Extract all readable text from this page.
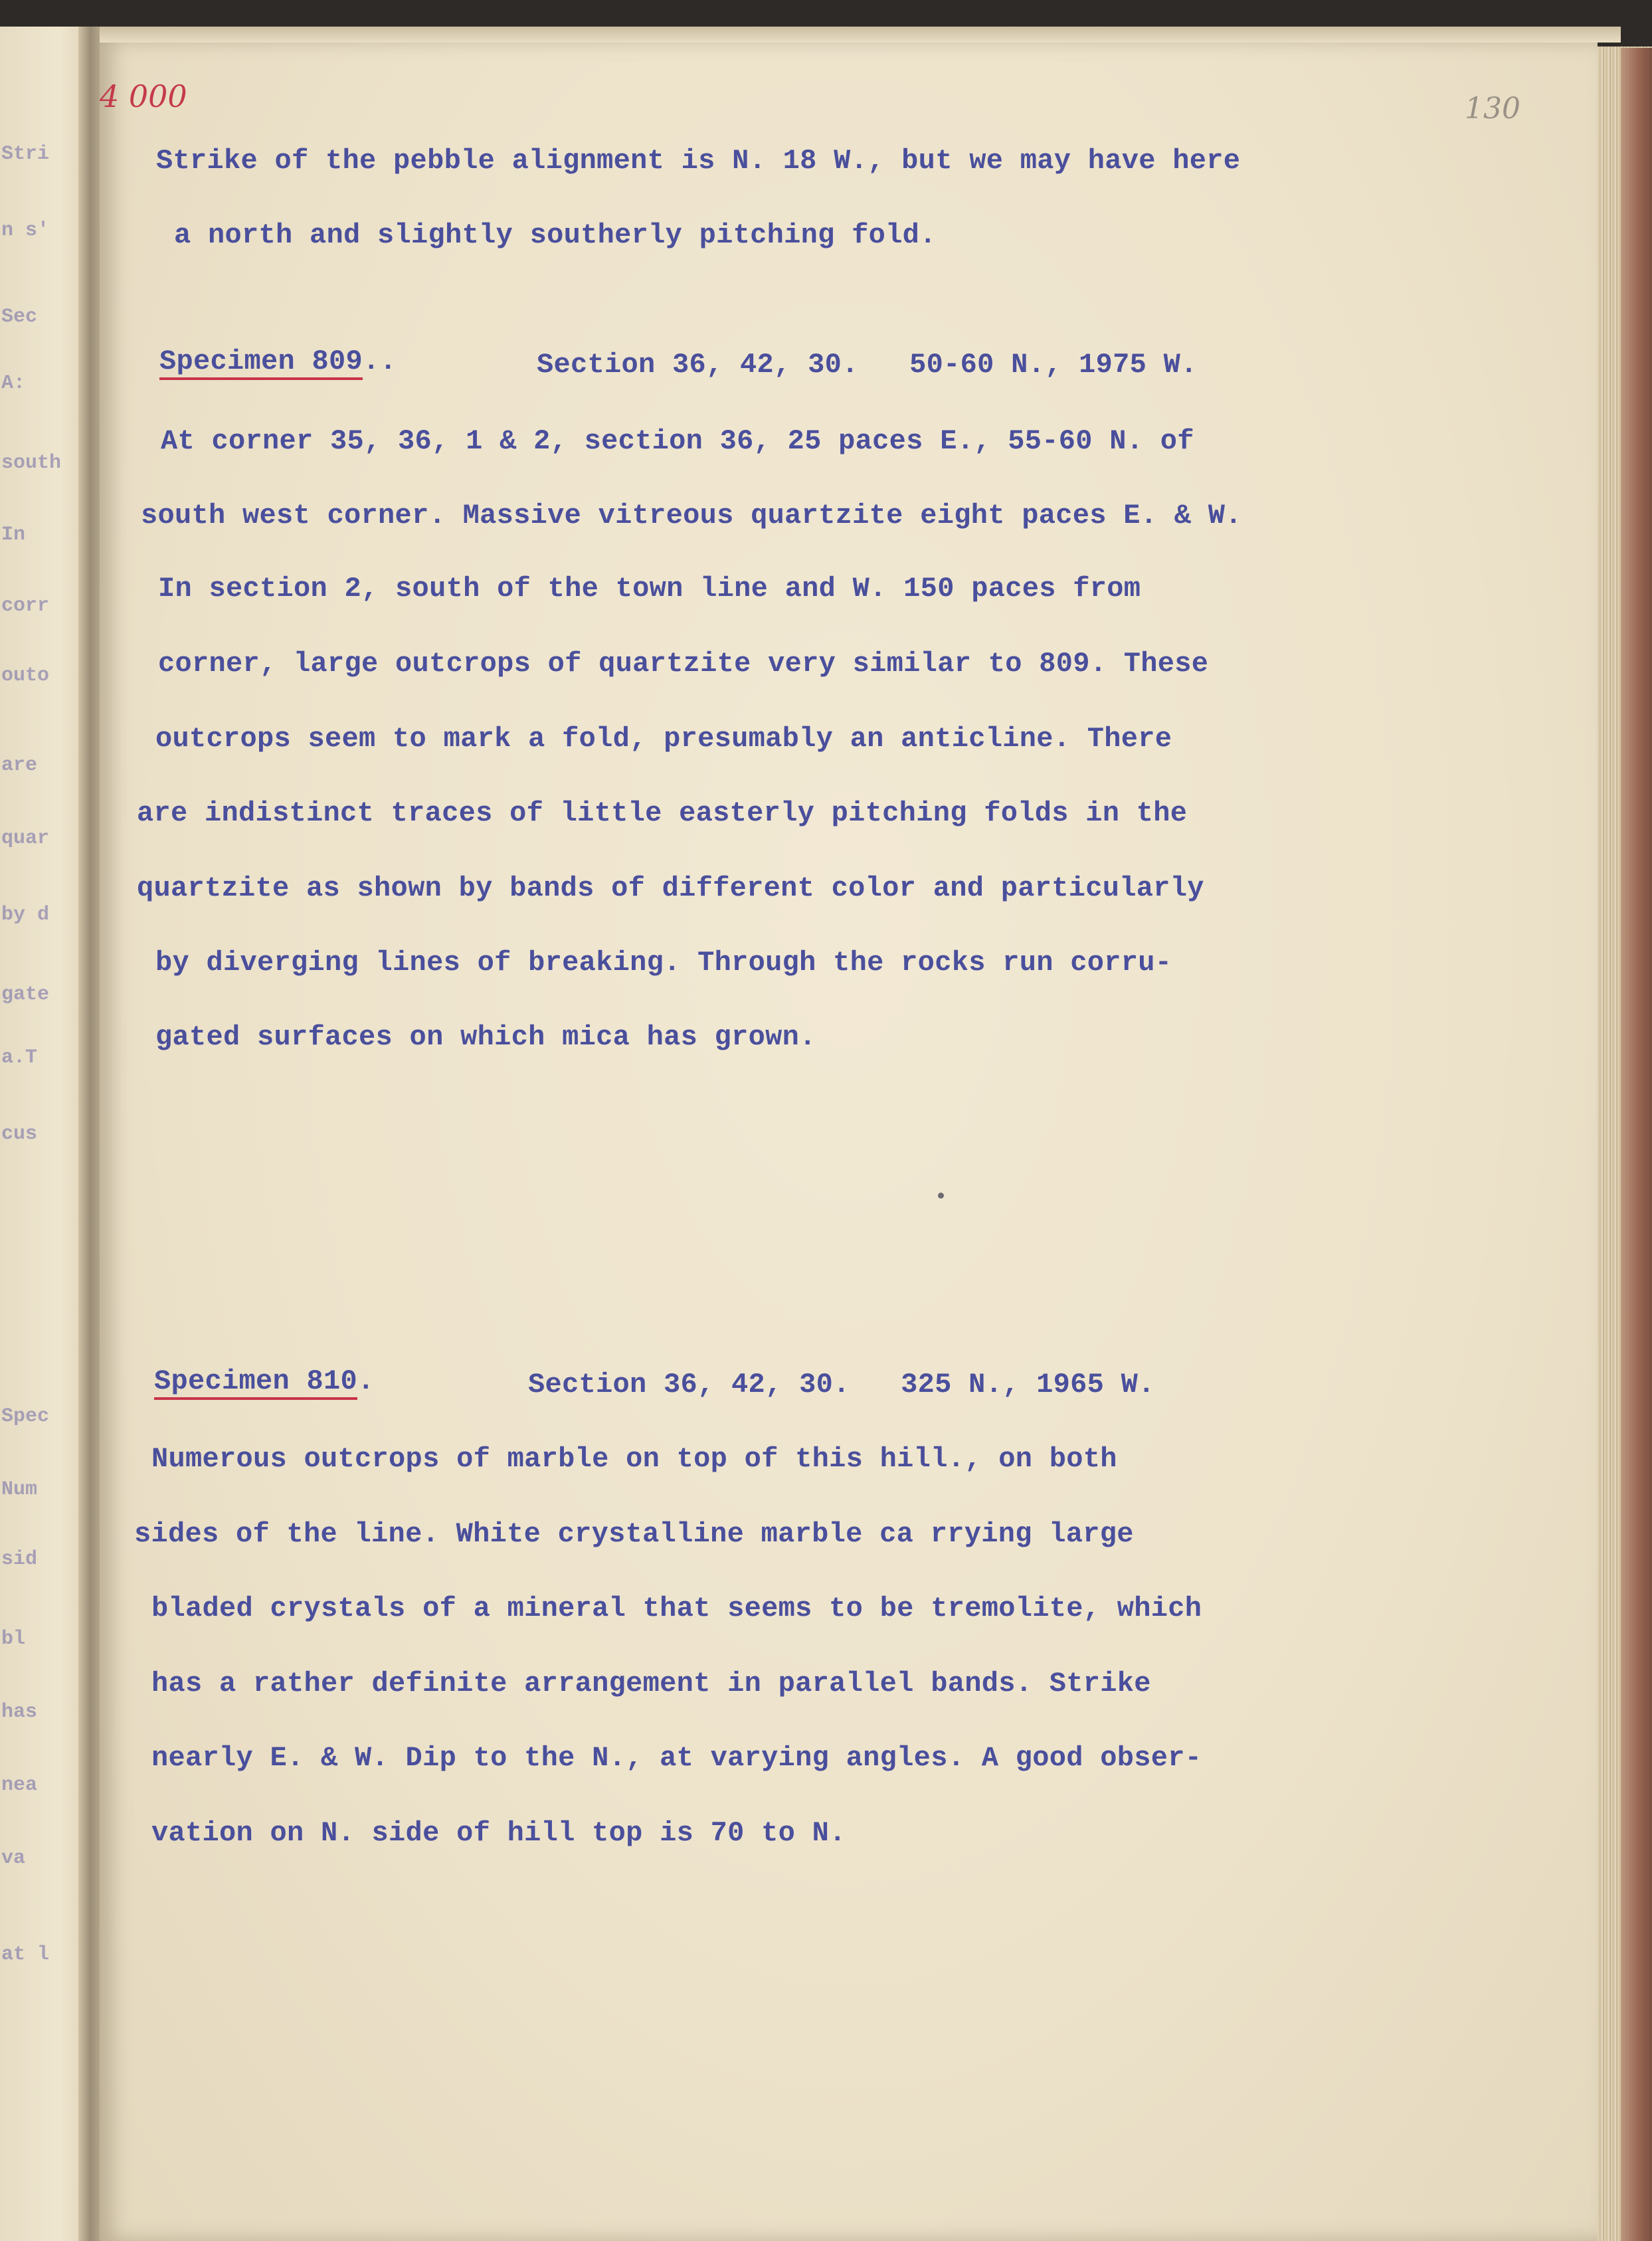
Stri
n s'
Sec
A:
south
In
corr
outo
are
quar
by d
gate
a.T
cus
Spec
Num
sid
bl
has
nea
va
at l
4 000	130
Strike of the pebble alignment is N. 18 W., but we may have here
a north and slightly southerly pitching fold.
Specimen 809..	Section 36, 42, 30.   50-60 N., 1975 W.
At corner 35, 36, 1 & 2, section 36, 25 paces E., 55-60 N. of
south west corner. Massive vitreous quartzite eight paces E. & W.
In section 2, south of the town line and W. 150 paces from
corner, large outcrops of quartzite very similar to 809. These
outcrops seem to mark a fold, presumably an anticline. There
are indistinct traces of little easterly pitching folds in the
quartzite as shown by bands of different color and particularly
by diverging lines of breaking. Through the rocks run corru-
gated surfaces on which mica has grown.
Specimen 810.	Section 36, 42, 30.   325 N., 1965 W.
Numerous outcrops of marble on top of this hill., on both
sides of the line. White crystalline marble ca rrying large
bladed crystals of a mineral that seems to be tremolite, which
has a rather definite arrangement in parallel bands. Strike
nearly E. & W. Dip to the N., at varying angles. A good obser-
vation on N. side of hill top is 70 to N.
